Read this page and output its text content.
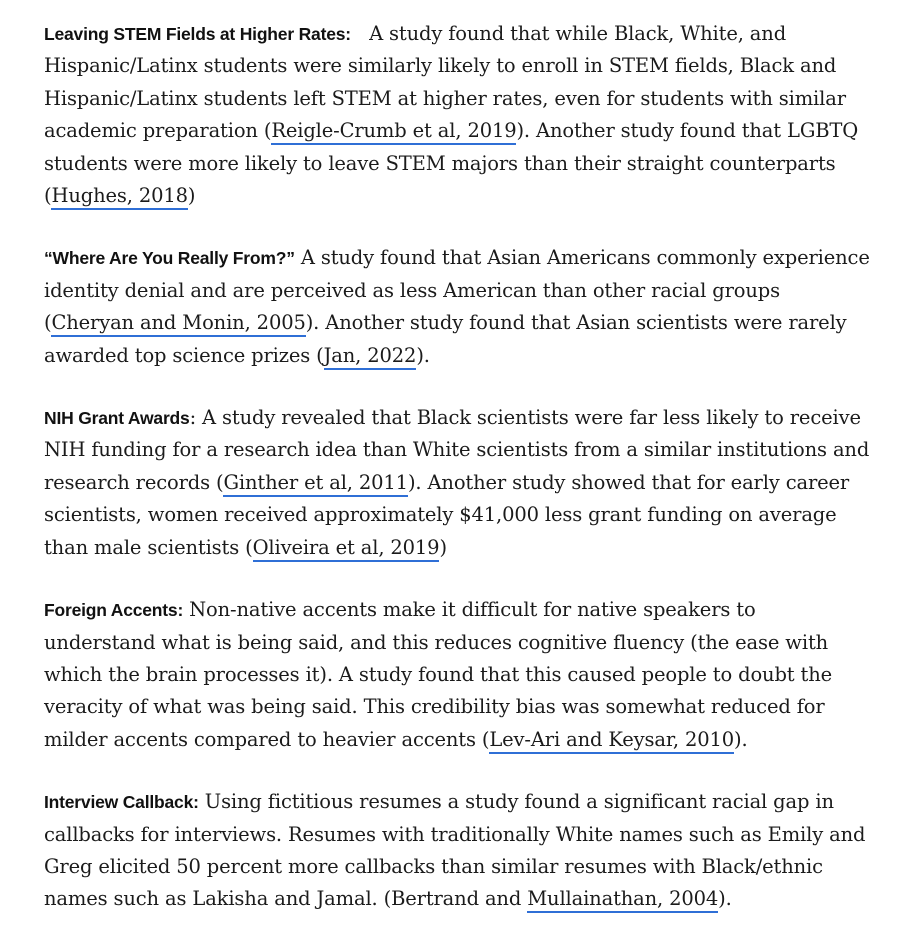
Leaving STEM Fields at Higher Rates: A study found that while Black, White, and Hispanic/Latinx students were similarly likely to enroll in STEM fields, Black and Hispanic/Latinx students left STEM at higher rates, even for students with similar academic preparation (Reigle-Crumb et al, 2019). Another study found that LGBTQ students were more likely to leave STEM majors than their straight counterparts (Hughes, 2018)

“Where Are You Really From?” A study found that Asian Americans commonly experience identity denial and are perceived as less American than other racial groups (Cheryan and Monin, 2005). Another study found that Asian scientists were rarely awarded top science prizes (Jan, 2022).

NIH Grant Awards: A study revealed that Black scientists were far less likely to receive NIH funding for a research idea than White scientists from a similar institutions and research records (Ginther et al, 2011). Another study showed that for early career scientists, women received approximately $41,000 less grant funding on average than male scientists (Oliveira et al, 2019)

Foreign Accents: Non-native accents make it difficult for native speakers to understand what is being said, and this reduces cognitive fluency (the ease with which the brain processes it). A study found that this caused people to doubt the veracity of what was being said. This credibility bias was somewhat reduced for milder accents compared to heavier accents (Lev-Ari and Keysar, 2010).

Interview Callback: Using fictitious resumes a study found a significant racial gap in callbacks for interviews. Resumes with traditionally White names such as Emily and Greg elicited 50 percent more callbacks than similar resumes with Black/ethnic names such as Lakisha and Jamal. (Bertrand and Mullainathan, 2004).
